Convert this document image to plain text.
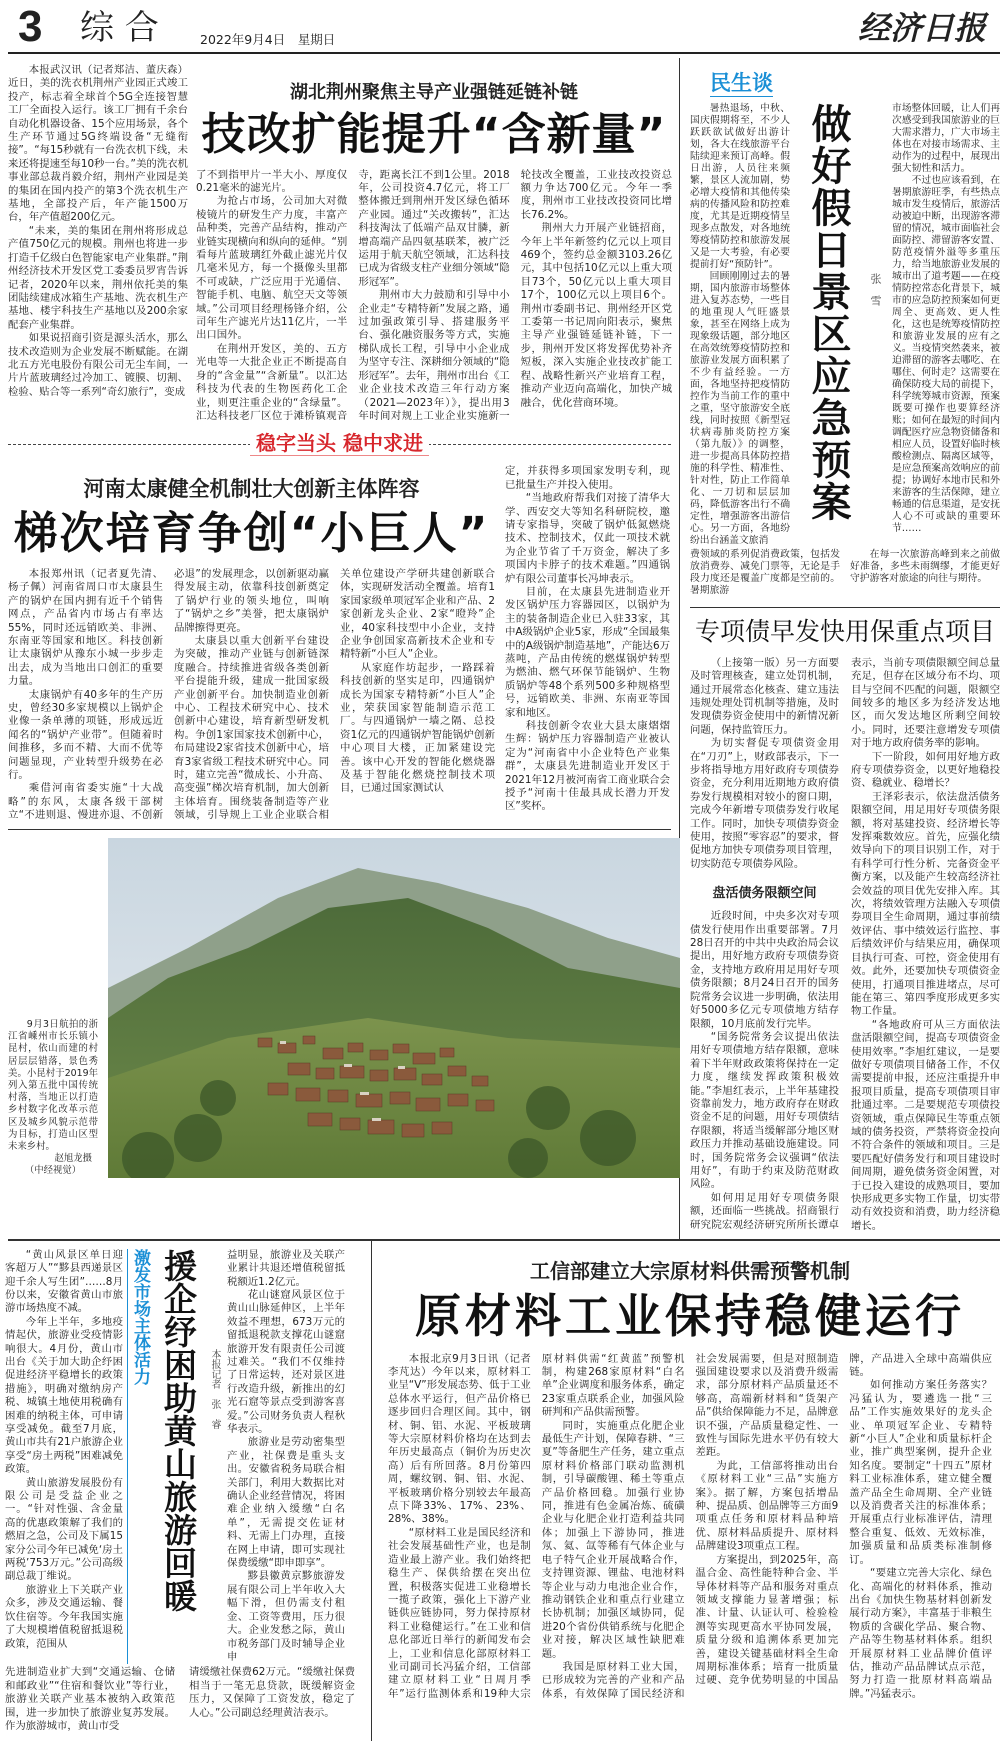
3 综 合	2022年9月4日　星期日	经济日报

本报武汉讯（记者郑洁、董庆森）近日，美的洗衣机荆州产业园正式竣工投产，标志着全球首个5G全连接智慧工厂全面投入运行。该工厂拥有千余台自动化机器设备、15个应用场景，各个生产环节通过5G终端设备“无缝衔接”。“每15秒就有一台洗衣机下线，未来还将提速至每10秒一台。”美的洗衣机事业部总裁肖毅介绍，荆州产业园是美的集团在国内投产的第3个洗衣机生产基地，全部投产后，年产能1500万台，年产值超200亿元。

“未来，美的集团在荆州将形成总产值750亿元的规模。荆州也将进一步打造千亿级白色智能家电产业集群。”荆州经济技术开发区党工委委员罗宵告诉记者，2020年以来，荆州依托美的集团陆续建成冰箱生产基地、洗衣机生产基地、楼宇科技生产基地以及200余家配套产业集群。

如果说招商引资是源头活水，那么技术改造则为企业发展不断赋能。在湖北五方光电股份有限公司无尘车间，一片片蓝玻璃经过冷加工、镀膜、切割、检验、贴合等一系列“奇幻旅行”，变成

湖北荆州聚焦主导产业强链延链补链
技改扩能提升“含新量”

了不到指甲片一半大小、厚度仅0.21毫米的滤光片。

为抢占市场，公司加大对微棱镜片的研发生产力度，丰富产品种类，完善产品结构，推动产业链实现横向和纵向的延伸。“别看每片蓝玻璃红外截止滤光片仅几毫米见方，每一个摄像头里都不可或缺，广泛应用于光通信、智能手机、电脑、航空天文等领域。”公司项目经理杨锋介绍，公司年生产滤光片达11亿片，一半出口国外。

在荆州开发区，美的、五方光电等一大批企业正不断提高自身的“含金量”“含新量”。以汇达科技为代表的生物医药化工企业，则更注重企业的“含绿量”。汇达科技老厂区位于滩桥镇观音寺，距离长江不到1公里。2018年，公司投资4.7亿元，将工厂整体搬迁到荆州开发区绿色循环产业园。通过“关改搬转”，汇达科技淘汰了低端产品双甘膦，新增高端产品四氨基联苯，被广泛运用于航天航空领域，汇达科技已成为省级支柱产业细分领域“隐形冠军”。

荆州市大力鼓励和引导中小企业走“专精特新”发展之路，通过加强政策引导、搭建服务平台、强化融资服务等方式，实施梯队成长工程，引导中小企业成为坚守专注、深耕细分领域的“隐形冠军”。去年，荆州市出台《工业企业技术改造三年行动方案（2021—2023年）》，提出用3年时间对规上工业企业实施新一轮技改全覆盖，工业技改投资总额力争达700亿元。今年一季度，荆州市工业技改投资同比增长76.2%。

荆州大力开展产业链招商，今年上半年新签约亿元以上项目469个，签约总金额3103.26亿元，其中包括10亿元以上重大项目73个，50亿元以上重大项目17个，100亿元以上项目6个。荆州市委副书记、荆州经开区党工委第一书记周向阳表示，聚焦主导产业强链延链补链，下一步，荆州开发区将发挥优势补齐短板，深入实施企业技改扩能工程、战略性新兴产业培育工程，推动产业迈向高端化，加快产城融合，优化营商环境。

稳字当头 稳中求进
河南太康健全机制壮大创新主体阵容
梯次培育争创“小巨人”

本报郑州讯（记者夏先清、杨子佩）河南省周口市太康县生产的锅炉在国内拥有近千个销售网点，产品省内市场占有率达55%，同时还远销欧美、非洲、东南亚等国家和地区。科技创新让太康锅炉从豫东小城一步步走出去，成为当地出口创汇的重要力量。

太康锅炉有40多年的生产历史，曾经30多家规模以上锅炉企业像一条单薄的项链，形成远近闻名的“锅炉产业带”。但随着时间推移，多而不精、大而不优等问题显现，产业转型升级势在必行。

乘借河南省委实施“十大战略”的东风，太康各级干部树立“不进则退、慢进亦退、不创新必退”的发展理念，以创新驱动赢得发展主动，依靠科技创新奠定了锅炉行业的领头地位，叫响了“锅炉之乡”美誉，把太康锅炉品牌擦得更亮。

太康县以重大创新平台建设为突破，推动产业链与创新链深度融合。持续推进省级各类创新平台提能升级，建成一批国家级产业创新平台。加快制造业创新中心、工程技术研究中心、技术创新中心建设，培育新型研发机构。争创1家国家技术创新中心，布局建设2家省技术创新中心，培育3家省级工程技术研究中心。同时，建立完善“微成长、小升高、高变强”梯次培育机制，加大创新主体培育。围绕装备制造等产业领域，引导规上工业企业联合相关单位建设产学研共建创新联合体，实现研发活动全覆盖。培育1家国家级单项冠军企业和产品、2家创新龙头企业、2家“瞪羚”企业，40家科技型中小企业，支持企业争创国家高新技术企业和专精特新“小巨人”企业。

从家庭作坊起步，一路踩着科技创新的坚实足印，四通锅炉成长为国家专精特新“小巨人”企业，荣获国家智能制造示范工厂。与四通锅炉一墙之隔、总投资1亿元的四通锅炉智能锅炉创新中心项目大楼，正加紧建设完善。该中心开发的智能化燃烧器及基于智能化燃烧控制技术项目，已通过国家测试认

定，并获得多项国家发明专利，现已批量生产并投入使用。

“当地政府帮我们对接了清华大学、西安交大等知名科研院校，邀请专家指导，突破了锅炉低氮燃烧技术、控制技术，仅此一项技术就为企业节省了千万资金，解决了多项国内卡脖子的技术难题。”四通锅炉有限公司董事长冯坤表示。

目前，在太康县先进制造业开发区锅炉压力容器园区，以锅炉为主的装备制造企业已入驻33家，其中A级锅炉企业5家，形成“全国最集中的A级锅炉制造基地”，产能达6万蒸吨，产品由传统的燃煤锅炉转型为燃油、燃气环保节能锅炉、生物质锅炉等48个系列500多种规格型号，远销欧美、非洲、东南亚等国家和地区。

科技创新令农业大县太康熠熠生辉：锅炉压力容器制造产业被认定为“河南省中小企业特色产业集群”，太康县先进制造业开发区于2021年12月被河南省工商业联合会授予“河南十佳最具成长潜力开发区”奖杯。

9月3日航拍的浙江省嵊州市长乐镇小昆村，依山而建的村居层层错落，景色秀美。小昆村于2019年列入第五批中国传统村落，当地正以打造乡村数字化改革示范区及城乡风貌示范带为目标，打造山区型未来乡村。
赵旭龙摄
（中经视觉）
民生谈

暑热退场，中秋、国庆假期将至，不少人跃跃欲试做好出游计划，各大在线旅游平台陆续迎来预订高峰。假日出游，人员往来频繁，景区人流加剧，势必增大疫情和其他传染病的传播风险和防控难度，尤其是近期疫情呈现多点散发，对各地统筹疫情防控和旅游发展又是一大考验，有必要提前打好“预防针”。

回顾刚刚过去的暑期，国内旅游市场整体进入复苏态势，一些目的地重现人气旺盛景象，甚至在网络上成为现象级话题，部分地区在高效统筹疫情防控和旅游业发展方面积累了不少有益经验。一方面，各地坚持把疫情防控作为当前工作的重中之重，坚守旅游安全底线，同时按照《新型冠状病毒肺炎防控方案（第九版）》的调整，进一步提高具体防控措施的科学性、精准性、针对性，防止工作简单化、一刀切和层层加码，降低游客出行不确定性，增强游客出游信心。另一方面，各地纷纷出台涵盖文旅消

做好假日景区应急预案	张　雪

市场整体回暖，让人们再次感受到我国旅游业的巨大需求潜力，广大市场主体也在对接市场需求、主动作为的过程中，展现出强大韧性和活力。

不过也应该看到，在暑期旅游旺季，有些热点城市发生疫情后，旅游活动被迫中断，出现游客滞留的情况，城市面临社会面防控、滞留游客安置、防范疫情外溢等多重压力，给当地旅游业发展的城市出了道考题——在疫情防控常态化背景下，城市的应急防控预案如何更周全、更高效、更人性化，这也是统筹疫情防控和旅游业发展的应有之义。当疫情突然袭来，被迫滞留的游客去哪吃、在哪住、何时走？这需要在确保防疫大局的前提下，科学统筹城市资源，预案既要可操作也要算经济账；如何在最短的时间内调配医疗应急物资储备和相应人员，设置好临时核酸检测点、隔离区域等，是应急预案高效响应的前提；协调好本地市民和外来游客的生活保障，建立畅通的信息渠道，是安抚人心不可或缺的重要环节……

费领域的系列促消费政策，包括发放消费券、减免门票等，无论是手段力度还是覆盖广度都是空前的。暑期旅游

在每一次旅游高峰到来之前做好准备，多些未雨绸缪，才能更好守护游客对旅途的向往与期待。

专项债早发快用保重点项目

（上接第一版）另一方面要及时管理核查，建立处罚机制，通过开展常态化核查、建立违法违规处理处罚机制等措施，及时发现债券资金使用中的新情况新问题，保持监管压力。

为切实督促专项债资金用在“刀刃”上，财政部表示，下一步将指导地方用好政府专项债券资金，充分利用近期地方政府债券发行规模相对较小的窗口期，完成今年新增专项债券发行收尾工作。同时，加快专项债券资金使用，按照“零容忍”的要求，督促地方加快专项债券项目管理，切实防范专项债券风险。

盘活债务限额空间

近段时间，中央多次对专项债发行使用作出重要部署。7月28日召开的中共中央政治局会议提出，用好地方政府专项债券资金，支持地方政府用足用好专项债务限额；8月24日召开的国务院常务会议进一步明确，依法用好5000多亿元专项债地方结存限额，10月底前发行完毕。

“国务院常务会议提出依法用好专项债地方结存限额，意味着下半年财政政策将保持在一定力度，继续发挥政策积极效能。”李旭红表示，上半年基建投资靠前发力，地方政府存在财政资金不足的问题，用好专项债结存限额，将适当缓解部分地区财政压力并推动基础设施建设。同时，国务院常务会议强调“依法用好”，有助于约束及防范财政风险。

如何用足用好专项债务限额，还面临一些挑战。招商银行研究院宏观经济研究所所长谭卓表示，当前专项债限额空间总量充足，但存在区域分布不均、项目与空间不匹配的问题，限额空间较多的地区多为经济发达地区，而欠发达地区所剩空间较小。同时，还要注意增发专项债对于地方政府债务率的影响。

下一阶段，如何用好地方政府专项债券资金，以更好地稳投资、稳就业、稳增长？

王泽彩表示，依法盘活债务限额空间，用足用好专项债务限额，将对基建投资、经济增长等发挥乘数效应。首先，应强化绩效导向下的项目识别工作，对于有科学可行性分析、完备资金平衡方案，以及能产生较高经济社会效益的项目优先安排入库。其次，将绩效管理方法融入专项债券项目全生命周期，通过事前绩效评估、事中绩效运行监控、事后绩效评价与结果应用，确保项目执行可查、可控，资金使用有效。此外，还要加快专项债资金使用，打通项目推进堵点，尽可能在第三、第四季度形成更多实物工作量。

“各地政府可从三方面依法盘活限额空间，提高专项债资金使用效率。”李旭红建议，一是要做好专项债项目储备工作，不仅需要提前申报，还应注重提升申报项目质量，提高专项债项目审批通过率。二是要规范专项债投资领域，重点保障民生等重点领域的债务投资，严禁将资金投向不符合条件的领域和项目。三是要匹配好债务发行和项目建设时间周期，避免债务资金闲置，对于已投入建设的成熟项目，要加快形成更多实物工作量，切实带动有效投资和消费，助力经济稳增长。

“黄山风景区单日迎客超万人”“黟县西递景区迎千余人写生团”……8月份以来，安徽省黄山市旅游市场热度不减。

今年上半年，多地疫情起伏，旅游业受疫情影响很大。4月份，黄山市出台《关于加大助企纾困促进经济平稳增长的政策措施》，明确对缴纳房产税、城镇土地使用税确有困难的纳税主体，可申请享受减免。截至7月底，黄山市共有21户旅游企业享受“房土两税”困难减免政策。

黄山旅游发展股份有限公司是受益企业之一。“针对性强、含金量高的优惠政策解了我们的燃眉之急，公司及下属15家分公司今年已减免‘房土两税’753万元。”公司高级副总裁丁维说。

旅游业上下关联产业众多，涉及交通运输、餐饮住宿等。今年我国实施了大规模增值税留抵退税政策，范围从

激发市场主体活力 援企纾困助黄山旅游回暖	本报记者　张　睿

益明显，旅游业及关联产业累计共退还增值税留抵税额近1.2亿元。

花山谜窟风景区位于黄山山脉延伸区，上半年效益不理想，673万元的留抵退税款支撑花山谜窟旅游开发有限责任公司渡过难关。“我们不仅维持了日常运转，还对景区进行改造升级，新推出的幻光石窟等景点受到游客喜爱。”公司财务负责人程秋华表示。

旅游业是劳动密集型产业，社保费是重头支出。安徽省税务局联合相关部门，利用大数据比对确认企业经营情况，将困难企业纳入缓缴“白名单”，无需提交佐证材料、无需上门办理，直接在网上申请，即可实现社保费缓缴“即申即享”。

黟县徽黄京黟旅游发展有限公司上半年收入大幅下滑，但仍需支付租金、工资等费用，压力很大。企业发愁之际，黄山市税务部门及时辅导企业申

先进制造业扩大到“交通运输、仓储和邮政业”“住宿和餐饮业”等行业，旅游业关联产业基本被纳入政策范围，进一步加快了旅游业复苏发展。作为旅游城市，黄山市受

请缓缴社保费62万元。“缓缴社保费相当于一笔无息贷款，既缓解资金压力，又保障了工资发放，稳定了人心。”公司副总经理黄洁表示。

工信部建立大宗原材料供需预警机制
原材料工业保持稳健运行

本报北京9月3日讯（记者李芃达）今年以来，原材料工业呈“V”形发展态势、低于工业总体水平运行，但产品价格已逐步回归合理区间。其中，钢材、铜、铝、水泥、平板玻璃等大宗原材料价格均在达到去年历史最高点（铜价为历史次高）后有所回落。8月份第四周，螺纹钢、铜、铝、水泥、平板玻璃价格分别较去年最高点下降33%、17%、23%、28%、38%。

“原材料工业是国民经济和社会发展基础性产业，也是制造业最上游产业。我们始终把稳生产、保供给摆在突出位置，积极落实促进工业稳增长一揽子政策，强化上下游产业链供应链协同，努力保持原材料工业稳健运行。”在工业和信息化部近日举行的新闻发布会上，工业和信息化部原材料工业司副司长冯猛介绍，工信部建立原材料工业“日周月季年”运行监测体系和19种大宗原材料供需“红黄蓝”预警机制，构建268家原材料“白名单”企业调度和服务体系，确定23家重点联系企业，加强风险研判和产品供需预警。

同时，实施重点化肥企业最低生产计划，保障春耕、“三夏”等备肥生产任务，建立重点原材料价格部门联动监测机制，引导碳酸锂、稀土等重点产品价格回稳。加强行业协同，推进有色金属冶炼、硫磺企业与化肥企业打造利益共同体；加强上下游协同，推进氖、氦、氙等稀有气体企业与电子特气企业开展战略合作，支持锂资源、锂盐、电池材料等企业与动力电池企业合作，推动钢铁企业和重点行业建立长协机制；加强区域协同，促进20个省份供销系统与化肥企业对接，解决区域性缺肥难题。

我国是原材料工业大国，已形成较为完善的产业和产品体系，有效保障了国民经济和社会发展需要，但是对照制造强国建设要求以及消费升级需求，部分原材料产品质量还不够高，高端新材料和“货架产品”供给保障能力不足，品牌意识不强，产品质量稳定性、一致性与国际先进水平仍有较大差距。

为此，工信部将推动出台《原材料工业“三品”实施方案》。据了解，方案包括增品种、提品质、创品牌等三方面9项重点任务和原材料品种培优、原材料品质提升、原材料品牌建设3项重点工程。

方案提出，到2025年，高温合金、高性能特种合金、半导体材料等产品和服务对重点领域支撑能力显著增强；标准、计量、认证认可、检验检测等实现更高水平协同发展，质量分级和追溯体系更加完善，建设关键基础材料全生命周期标准体系；培育一批质量过硬、竞争优势明显的中国品牌，产品进入全球中高端供应链。

如何推动方案任务落实？冯猛认为，要遴选一批“三品”工作实施效果好的龙头企业、单项冠军企业、专精特新“小巨人”企业和质量标杆企业，推广典型案例，提升企业知名度。要制定“十四五”原材料工业标准体系，建立健全覆盖产品全生命周期、全产业链以及消费者关注的标准体系；开展重点行业标准评估，清理整合重复、低效、无效标准，加强质量和品质类标准制修订。

“要建立完善大宗化、绿色化、高端化的材料体系，推动出台《加快生物基材料创新发展行动方案》，丰富基于非粮生物质的含碳化学品、聚合物、产品等生物基材料体系。组织开展原材料工业品牌价值评估，推动产品品牌试点示范，努力打造一批原材料高端品牌。”冯猛表示。
